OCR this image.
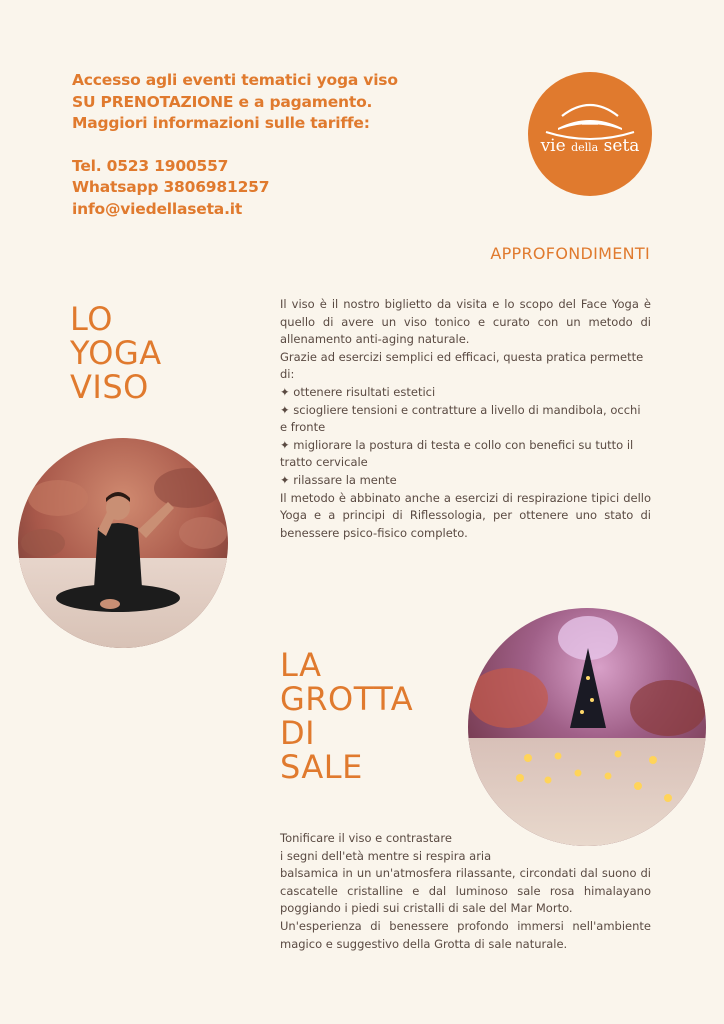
Accesso agli eventi tematici yoga viso
SU PRENOTAZIONE e a pagamento.
Maggiori informazioni sulle tariffe:
Tel. 0523 1900557
Whatsapp 3806981257
info@viedellaseta.it
vie della seta
APPROFONDIMENTI
LO
YOGA
VISO
Il viso è il nostro biglietto da visita e lo scopo del Face Yoga è quello di avere un viso tonico e curato con un metodo di allenamento anti-aging naturale.
Grazie ad esercizi semplici ed efficaci, questa pratica permette di:
✦ ottenere risultati estetici
✦ sciogliere tensioni e contratture a livello di mandibola, occhi e fronte
✦ migliorare la postura di testa e collo con benefici su tutto il tratto cervicale
✦ rilassare la mente
Il metodo è abbinato anche a esercizi di respirazione tipici dello Yoga e a principi di Riflessologia, per ottenere uno stato di benessere psico-fisico completo.
LA
GROTTA
DI
SALE
Tonificare il viso e contrastare
i segni dell'età mentre si respira aria
balsamica in un un'atmosfera rilassante, circondati dal suono di cascatelle cristalline e dal luminoso sale rosa himalayano poggiando i piedi sui cristalli di sale del Mar Morto.
Un'esperienza di benessere profondo immersi nell'ambiente magico e suggestivo della Grotta di sale naturale.
